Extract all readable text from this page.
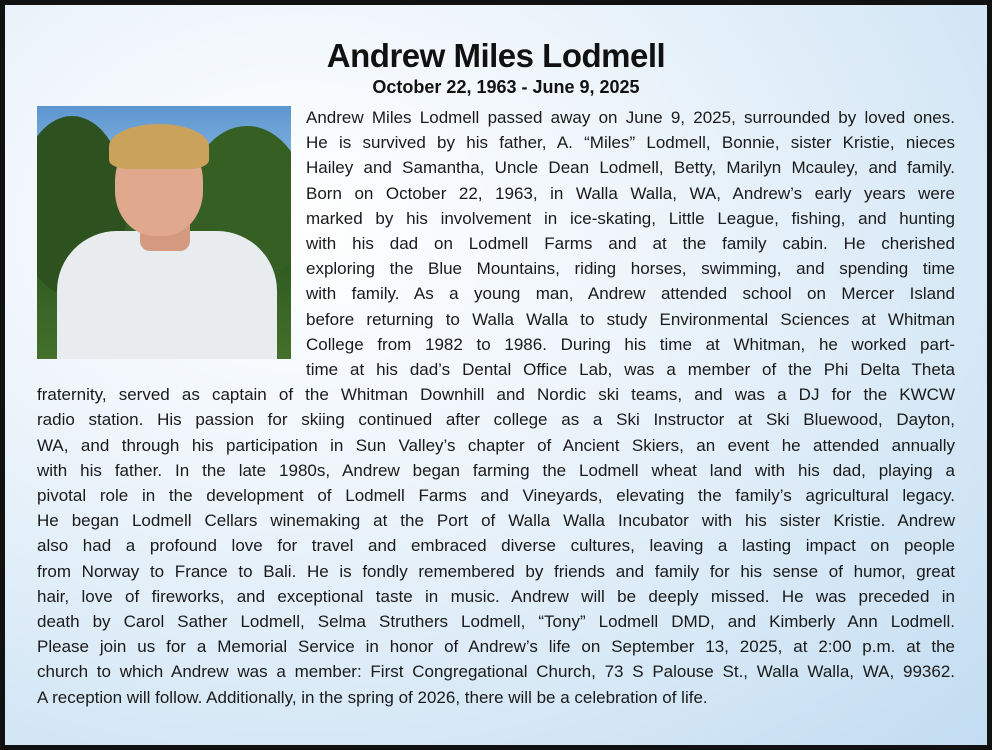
Andrew Miles Lodmell
October 22, 1963 - June 9, 2025
Andrew Miles Lodmell passed away on June 9, 2025, surrounded by loved ones.
He is survived by his father, A. “Miles” Lodmell, Bonnie, sister Kristie, nieces
Hailey and Samantha, Uncle Dean Lodmell, Betty, Marilyn Mcauley, and family.
Born on October 22, 1963, in Walla Walla, WA, Andrew’s early years were
marked by his involvement in ice-skating, Little League, fishing, and hunting
with his dad on Lodmell Farms and at the family cabin. He cherished
exploring the Blue Mountains, riding horses, swimming, and spending time
with family. As a young man, Andrew attended school on Mercer Island
before returning to Walla Walla to study Environmental Sciences at Whitman
College from 1982 to 1986. During his time at Whitman, he worked part-
time at his dad’s Dental Office Lab, was a member of the Phi Delta Theta
fraternity, served as captain of the Whitman Downhill and Nordic ski teams, and was a DJ for the KWCW
radio station. His passion for skiing continued after college as a Ski Instructor at Ski Bluewood, Dayton,
WA, and through his participation in Sun Valley’s chapter of Ancient Skiers, an event he attended annually
with his father. In the late 1980s, Andrew began farming the Lodmell wheat land with his dad, playing a
pivotal role in the development of Lodmell Farms and Vineyards, elevating the family’s agricultural legacy.
He began Lodmell Cellars winemaking at the Port of Walla Walla Incubator with his sister Kristie. Andrew
also had a profound love for travel and embraced diverse cultures, leaving a lasting impact on people
from Norway to France to Bali. He is fondly remembered by friends and family for his sense of humor, great
hair, love of fireworks, and exceptional taste in music. Andrew will be deeply missed. He was preceded in
death by Carol Sather Lodmell, Selma Struthers Lodmell, “Tony” Lodmell DMD, and Kimberly Ann Lodmell.
Please join us for a Memorial Service in honor of Andrew’s life on September 13, 2025, at 2:00 p.m. at the
church to which Andrew was a member: First Congregational Church, 73 S Palouse St., Walla Walla, WA, 99362.
A reception will follow. Additionally, in the spring of 2026, there will be a celebration of life.
